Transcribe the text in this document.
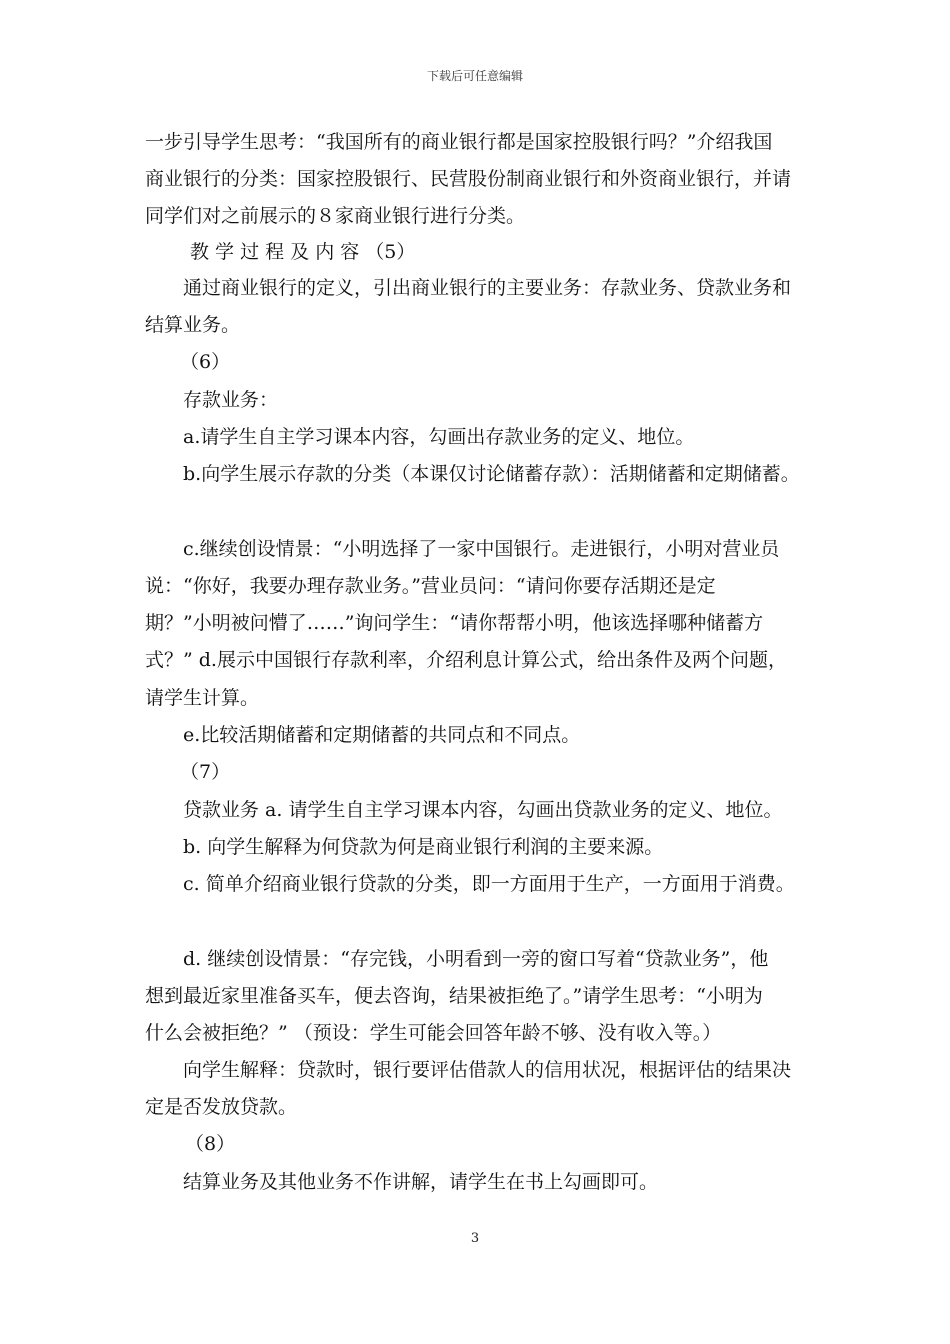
下载后可任意编辑
一步引导学生思考：“我国所有的商业银行都是国家控股银行吗？”介绍我国
商业银行的分类：国家控股银行、民营股份制商业银行和外资商业银行，并请
同学们对之前展示的８家商业银行进行分类。
教 学 过 程 及 内 容 （5）
通过商业银行的定义，引出商业银行的主要业务：存款业务、贷款业务和
结算业务。
（6）
存款业务：
a.请学生自主学习课本内容，勾画出存款业务的定义、地位。
b.向学生展示存款的分类（本课仅讨论储蓄存款）：活期储蓄和定期储蓄。
c.继续创设情景：“小明选择了一家中国银行。走进银行，小明对营业员
说：“你好，我要办理存款业务。”营业员问：“请问你要存活期还是定
期？”小明被问懵了……”询问学生：“请你帮帮小明，他该选择哪种储蓄方
式？” d.展示中国银行存款利率，介绍利息计算公式，给出条件及两个问题，
请学生计算。
e.比较活期储蓄和定期储蓄的共同点和不同点。
（7）
贷款业务 a. 请学生自主学习课本内容，勾画出贷款业务的定义、地位。
b. 向学生解释为何贷款为何是商业银行利润的主要来源。
c. 简单介绍商业银行贷款的分类，即一方面用于生产，一方面用于消费。
d. 继续创设情景：“存完钱，小明看到一旁的窗口写着“贷款业务”，他
想到最近家里准备买车，便去咨询，结果被拒绝了。”请学生思考：“小明为
什么会被拒绝？” （预设：学生可能会回答年龄不够、没有收入等。）
向学生解释：贷款时，银行要评估借款人的信用状况，根据评估的结果决
定是否发放贷款。
（8）
结算业务及其他业务不作讲解，请学生在书上勾画即可。
3
